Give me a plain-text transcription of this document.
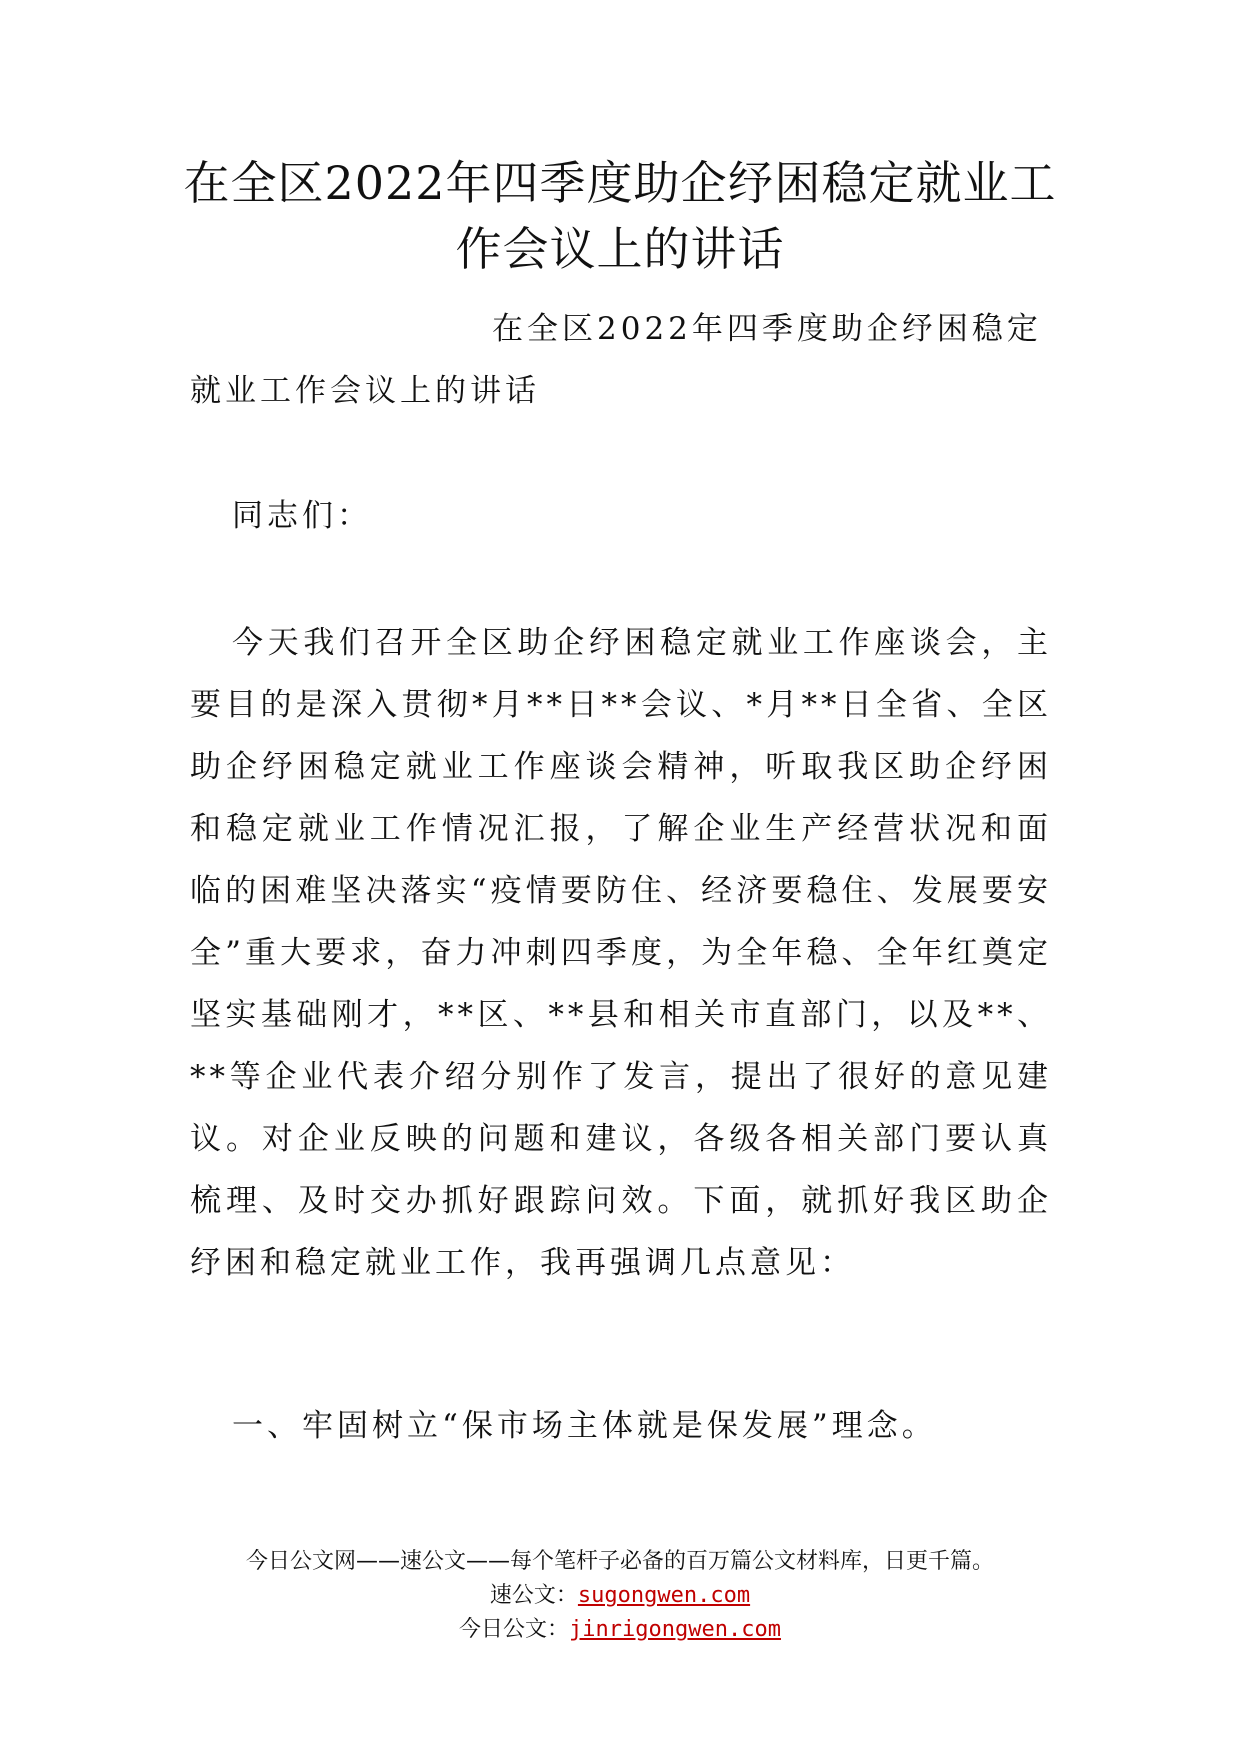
在全区2022年四季度助企纾困稳定就业工作会议上的讲话

在全区2022年四季度助企纾困稳定就业工作会议上的讲话

同志们：

今天我们召开全区助企纾困稳定就业工作座谈会，主要目的是深入贯彻*月**日**会议、*月**日全省、全区助企纾困稳定就业工作座谈会精神，听取我区助企纾困和稳定就业工作情况汇报，了解企业生产经营状况和面临的困难坚决落实“疫情要防住、经济要稳住、发展要安全”重大要求，奋力冲刺四季度，为全年稳、全年红奠定坚实基础刚才，**区、**县和相关市直部门，以及**、**等企业代表介绍分别作了发言，提出了很好的意见建议。对企业反映的问题和建议，各级各相关部门要认真梳理、及时交办抓好跟踪问效。下面，就抓好我区助企纾困和稳定就业工作，我再强调几点意见：

一、牢固树立“保市场主体就是保发展”理念。

今日公文网——速公文——每个笔杆子必备的百万篇公文材料库，日更千篇。
速公文：sugongwen.com
今日公文：jinrigongwen.com
